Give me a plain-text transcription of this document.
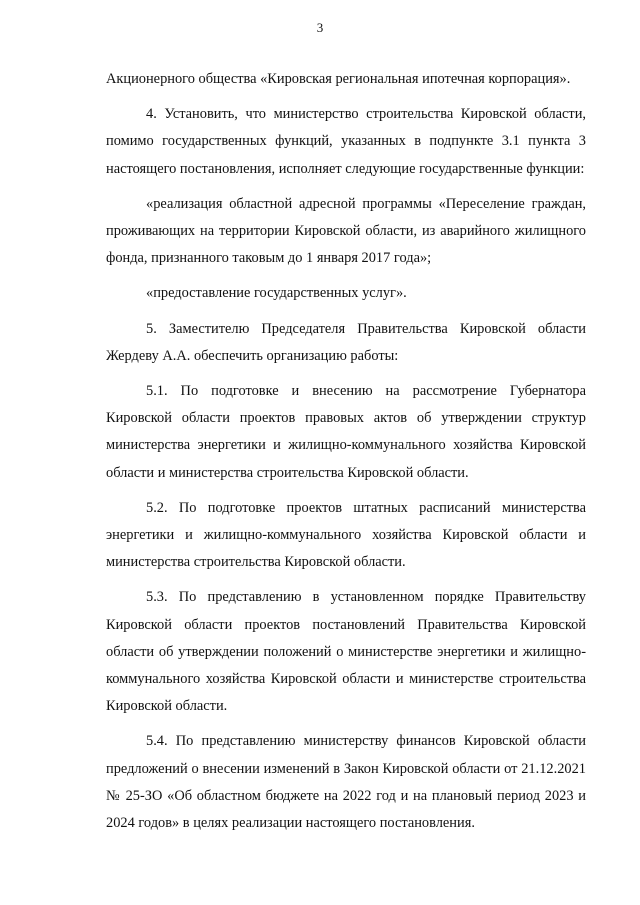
3

Акционерного общества «Кировская региональная ипотечная корпорация».

4. Установить, что министерство строительства Кировской области, помимо государственных функций, указанных в подпункте 3.1 пункта 3 настоящего постановления, исполняет следующие государственные функции:

«реализация областной адресной программы «Переселение граждан, проживающих на территории Кировской области, из аварийного жилищного фонда, признанного таковым до 1 января 2017 года»;

«предоставление государственных услуг».

5. Заместителю Председателя Правительства Кировской области Жердеву А.А. обеспечить организацию работы:

5.1. По подготовке и внесению на рассмотрение Губернатора Кировской области проектов правовых актов об утверждении структур министерства энергетики и жилищно-коммунального хозяйства Кировской области и министерства строительства Кировской области.

5.2. По подготовке проектов штатных расписаний министерства энергетики и жилищно-коммунального хозяйства Кировской области и министерства строительства Кировской области.

5.3. По представлению в установленном порядке Правительству Кировской области проектов постановлений Правительства Кировской области об утверждении положений о министерстве энергетики и жилищно-коммунального хозяйства Кировской области и министерстве строительства Кировской области.

5.4. По представлению министерству финансов Кировской области предложений о внесении изменений в Закон Кировской области от 21.12.2021 № 25-ЗО «Об областном бюджете на 2022 год и на плановый период 2023 и 2024 годов» в целях реализации настоящего постановления.
